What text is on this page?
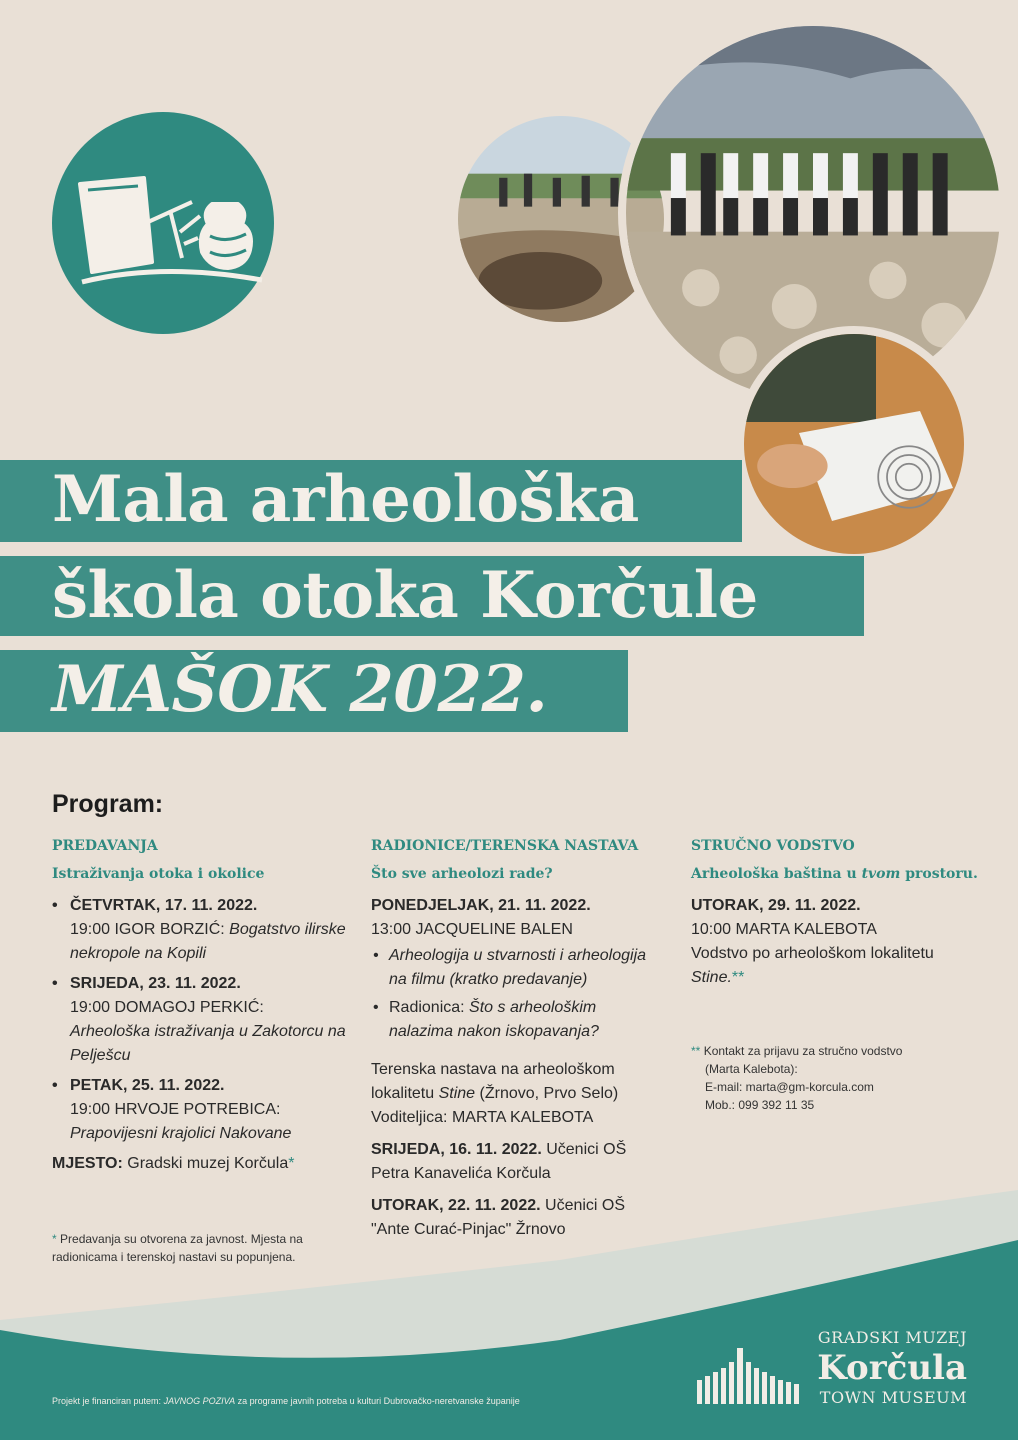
Mala arheološka
škola otoka Korčule
MAŠOK 2022.
Program:
PREDAVANJA
Istraživanja otoka i okolice
• ČETVRTAK, 17. 11. 2022.
19:00 IGOR BORZIĆ: Bogatstvo ilirske nekropole na Kopili
• SRIJEDA, 23. 11. 2022.
19:00 DOMAGOJ PERKIĆ:
Arheološka istraživanja u Zakotorcu na Pelješcu
• PETAK, 25. 11. 2022.
19:00 HRVOJE POTREBICA:
Prapovijesni krajolici Nakovane
MJESTO: Gradski muzej Korčula*
RADIONICE/TERENSKA NASTAVA
Što sve arheolozi rade?
PONEDJELJAK, 21. 11. 2022.
13:00 JACQUELINE BALEN
• Arheologija u stvarnosti i arheologija na filmu (kratko predavanje)
• Radionica: Što s arheološkim nalazima nakon iskopavanja?
Terenska nastava na arheološkom lokalitetu Stine (Žrnovo, Prvo Selo)
Voditeljica: MARTA KALEBOTA
SRIJEDA, 16. 11. 2022. Učenici OŠ Petra Kanavelića Korčula
UTORAK, 22. 11. 2022. Učenici OŠ "Ante Curać-Pinjac" Žrnovo
STRUČNO VODSTVO
Arheološka baština u tvom prostoru.
UTORAK, 29. 11. 2022.
10:00 MARTA KALEBOTA
Vodstvo po arheološkom lokalitetu
Stine.**
** Kontakt za prijavu za stručno vodstvo
(Marta Kalebota):
E-mail: marta@gm-korcula.com
Mob.: 099 392 11 35
* Predavanja su otvorena za javnost. Mjesta na radionicama i terenskoj nastavi su popunjena.
GRADSKI MUZEJ
Korčula
TOWN MUSEUM
Projekt je financiran putem: JAVNOG POZIVA za programe javnih potreba u kulturi Dubrovačko-neretvanske županije
